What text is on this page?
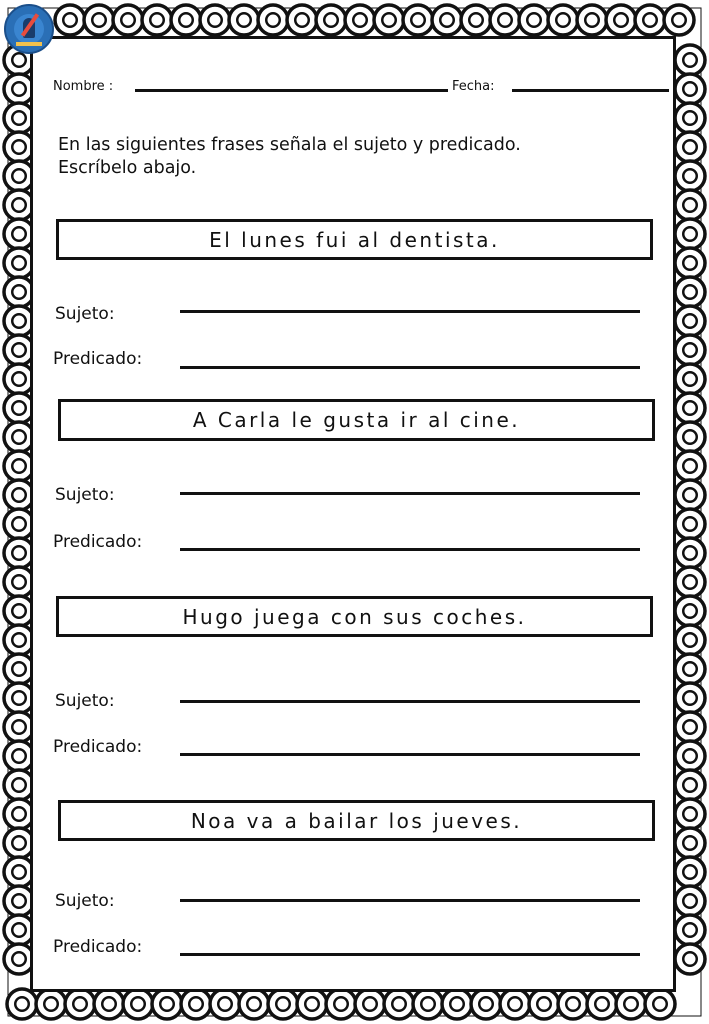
Nombre :	Fecha:
En las siguientes frases señala el sujeto y predicado.
Escríbelo abajo.
El lunes fui al dentista.
Sujeto:
Predicado:
A Carla le gusta ir al cine.
Sujeto:
Predicado:
Hugo juega con sus coches.
Sujeto:
Predicado:
Noa va a bailar los jueves.
Sujeto:
Predicado:
